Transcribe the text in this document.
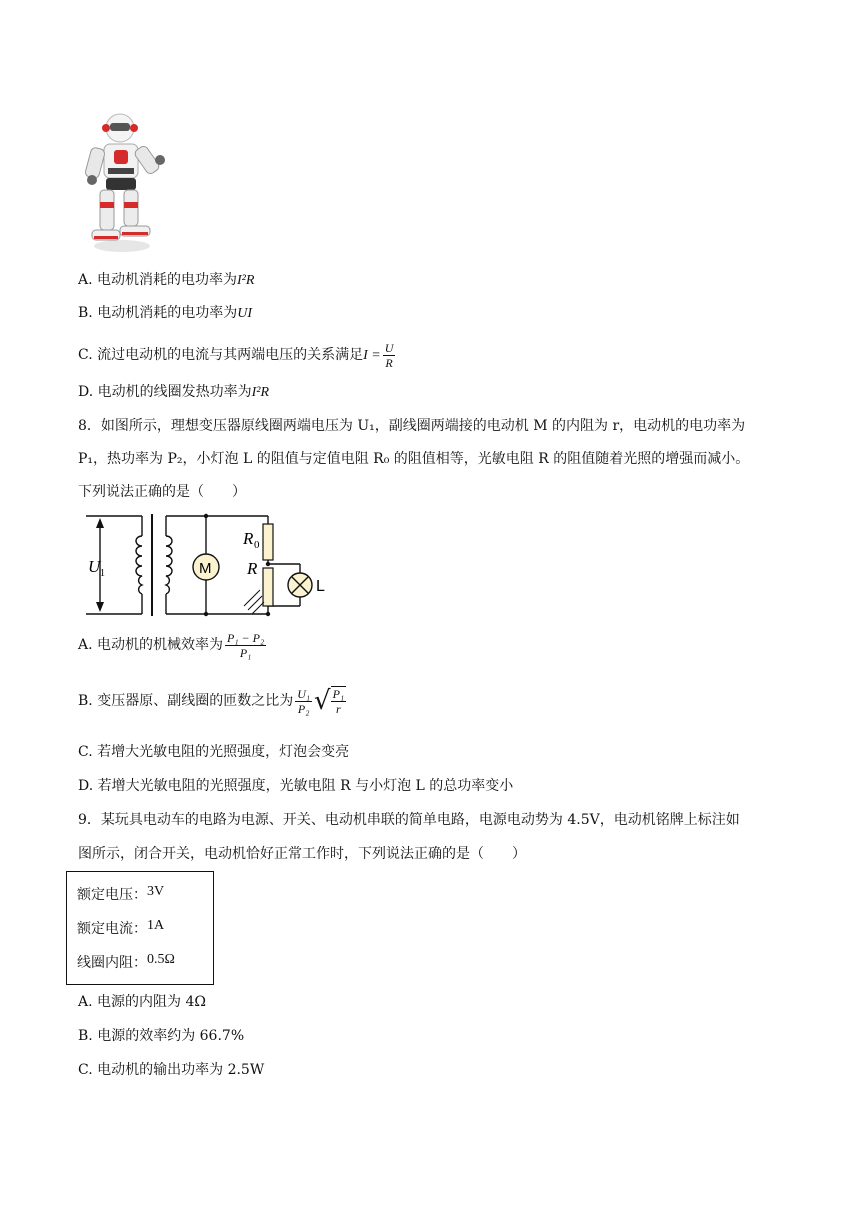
A. 电动机消耗的电功率为I²R
B. 电动机消耗的电功率为UI
C. 流过电动机的电流与其两端电压的关系满足$I = \frac{U}{R}$
D. 电动机的线圈发热功率为I²R
8．如图所示，理想变压器原线圈两端电压为 U₁，副线圈两端接的电动机 M 的内阻为 r，电动机的电功率为
P₁，热功率为 P₂，小灯泡 L 的阻值与定值电阻 R₀ 的阻值相等，光敏电阻 R 的阻值随着光照的增强而减小。
下列说法正确的是（　　）
U 1	M
R 0
R
L
A. 电动机的机械效率为 $\frac{\text{P₁ − P₂}}{\text{P₁}}$
B. 变压器原、副线圈的匝数之比为 $\frac{\text{U₁}}{\text{P₂}}$ √ $\frac{\text{P₁}}{r}$
C. 若增大光敏电阻的光照强度，灯泡会变亮
D. 若增大光敏电阻的光照强度，光敏电阻 R 与小灯泡 L 的总功率变小
9．某玩具电动车的电路为电源、开关、电动机串联的简单电路，电源电动势为 4.5V，电动机铭牌上标注如
图所示，闭合开关，电动机恰好正常工作时，下列说法正确的是（　　）
额定电压：3V
额定电流：1A
线圈内阻：0.5Ω
A. 电源的内阻为 4Ω
B. 电源的效率约为 66.7%
C. 电动机的输出功率为 2.5W
